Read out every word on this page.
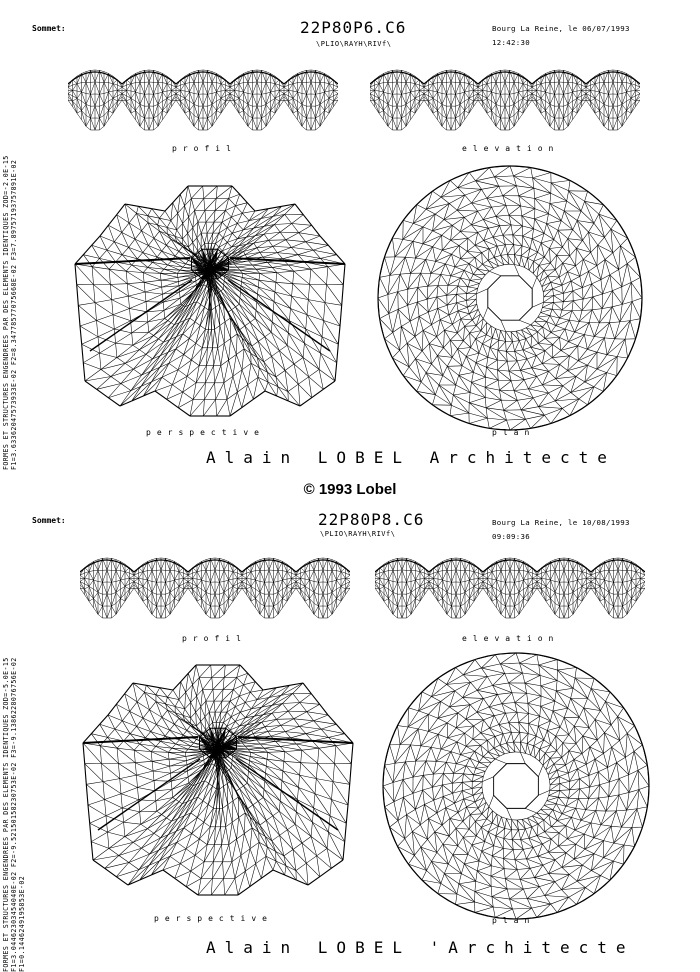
FORMES ET STRUCTURES ENGENDREES PAR DES ELEMENTS IDENTIQUES ZOD=-2.0E-15 F1=3.63362047573933E-02 F2=8.34778577075668E-02 F3=7.89757193757891E-02
Sommet:	22P80P6.C6
\PLIO\RAYH\RIVf\
Bourg La Reine, le 06/07/1993
12:42:30
profil	elevation
perspective	plan
Alain LOBEL Architecte
© 1993 Lobel
FORMES ET STRUCTURES ENGENDREES PAR DES ELEMENTS IDENTIQUES ZOD=-5.0E-15 F1=3.04462303454040E-02 F2=-9.52150158230753E-02 F3=-9.1386228076756E-02 F1=0.1446249195853E-02
Sommet:	22P80P8.C6
\PLIO\RAYH\RIVf\
Bourg La Reine, le 10/08/1993
09:09:36
profil	elevation
perspective	plan
Alain LOBEL 'Architecte
